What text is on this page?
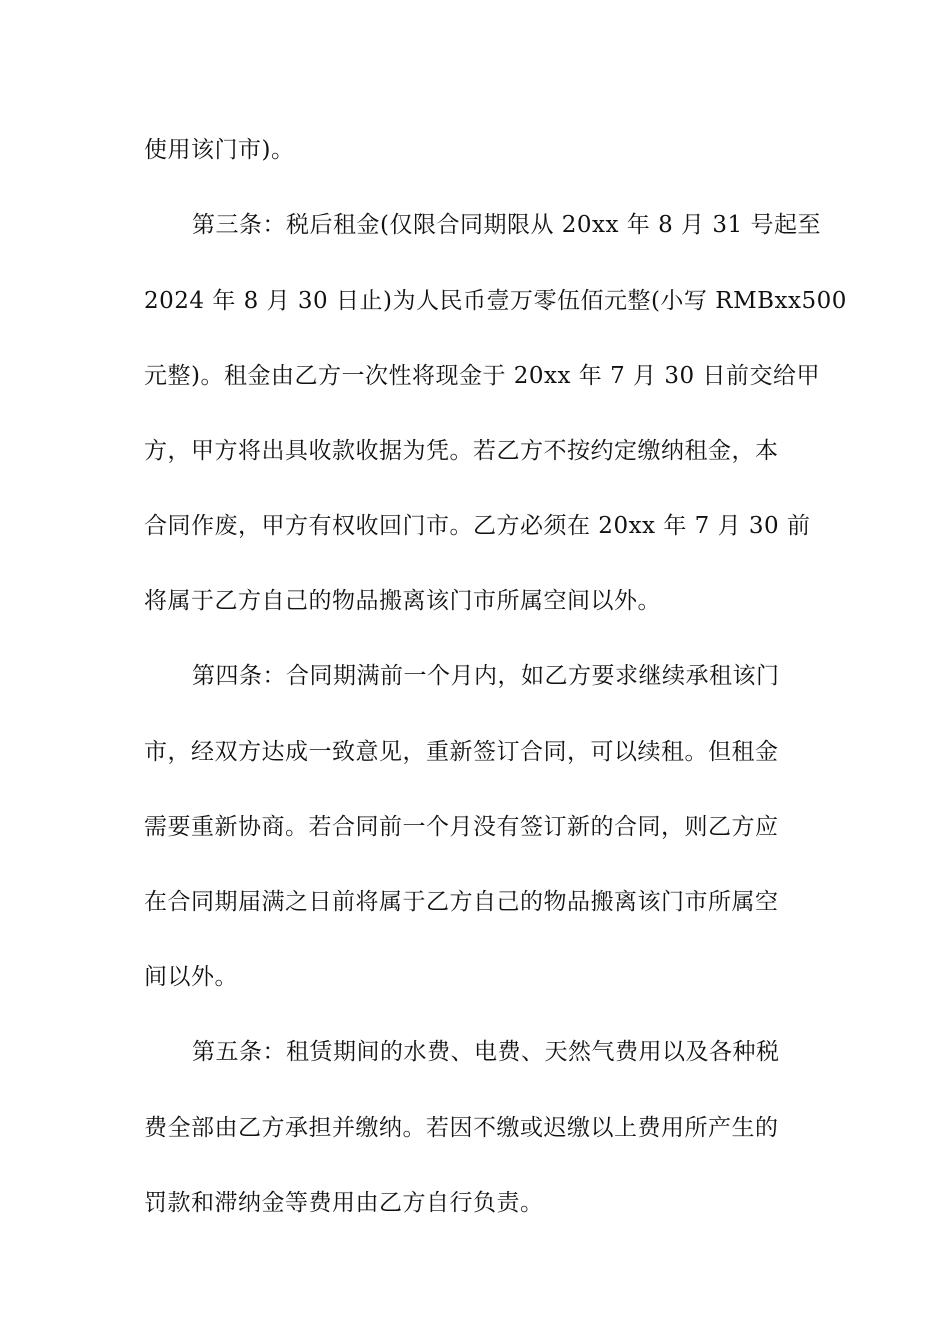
使用该门市)。
第三条：税后租金(仅限合同期限从 20xx 年 8 月 31 号起至
2024 年 8 月 30 日止)为人民币壹万零伍佰元整(小写 RMBxx500
元整)。租金由乙方一次性将现金于 20xx 年 7 月 30 日前交给甲
方，甲方将出具收款收据为凭。若乙方不按约定缴纳租金，本
合同作废，甲方有权收回门市。乙方必须在 20xx 年 7 月 30 前
将属于乙方自己的物品搬离该门市所属空间以外。
第四条：合同期满前一个月内，如乙方要求继续承租该门
市，经双方达成一致意见，重新签订合同，可以续租。但租金
需要重新协商。若合同前一个月没有签订新的合同，则乙方应
在合同期届满之日前将属于乙方自己的物品搬离该门市所属空
间以外。
第五条：租赁期间的水费、电费、天然气费用以及各种税
费全部由乙方承担并缴纳。若因不缴或迟缴以上费用所产生的
罚款和滞纳金等费用由乙方自行负责。
